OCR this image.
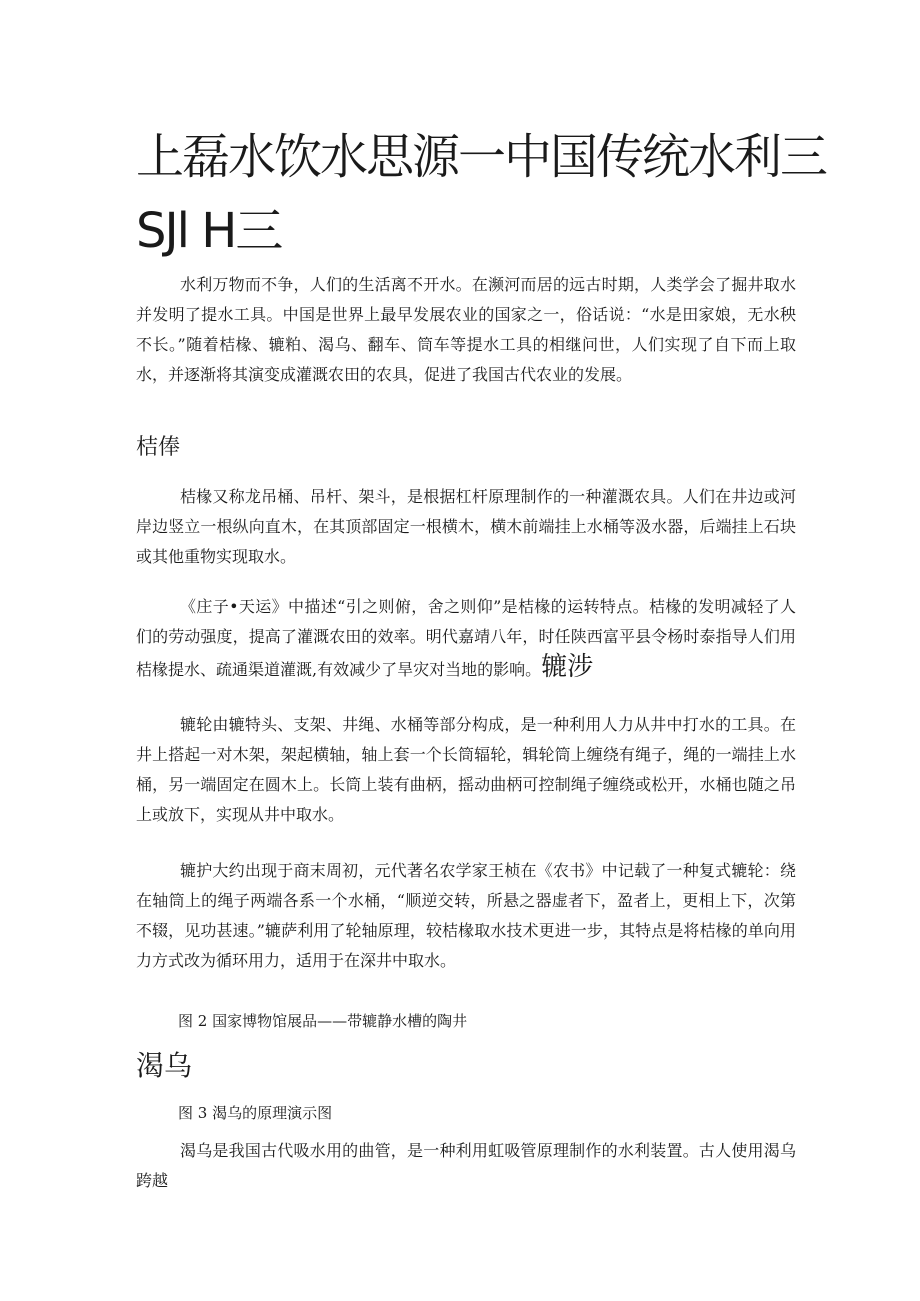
上磊水饮水思源一中国传统水利三 SJl H三

水利万物而不争，人们的生活离不开水。在濒河而居的远古时期，人类学会了掘井取水并发明了提水工具。中国是世界上最早发展农业的国家之一，俗话说：“水是田家娘，无水秧不长。”随着桔椽、辘粕、渴乌、翻车、筒车等提水工具的相继问世，人们实现了自下而上取水，并逐渐将其演变成灌溉农田的农具，促进了我国古代农业的发展。

桔俸

桔椽又称龙吊桶、吊杆、架斗，是根据杠杆原理制作的一种灌溉农具。人们在井边或河岸边竖立一根纵向直木，在其顶部固定一根横木，横木前端挂上水桶等汲水器，后端挂上石块或其他重物实现取水。

《庄子•天运》中描述“引之则俯，舍之则仰”是桔椽的运转特点。桔椽的发明减轻了人们的劳动强度，提高了灌溉农田的效率。明代嘉靖八年，时任陕西富平县令杨时泰指导人们用桔椽提水、疏通渠道灌溉,有效减少了旱灾对当地的影响。辘涉

辘轮由辘特头、支架、井绳、水桶等部分构成，是一种利用人力从井中打水的工具。在井上搭起一对木架，架起横轴，轴上套一个长筒辐轮，辑轮筒上缠绕有绳子，绳的一端挂上水桶，另一端固定在圆木上。长筒上装有曲柄，摇动曲柄可控制绳子缠绕或松开，水桶也随之吊上或放下，实现从井中取水。

辘护大约出现于商末周初，元代著名农学家王桢在《农书》中记载了一种复式辘轮：绕在轴筒上的绳子两端各系一个水桶，“顺逆交转，所悬之器虚者下，盈者上，更相上下，次第不辍，见功甚速。”辘萨利用了轮轴原理，较桔椽取水技术更进一步，其特点是将桔椽的单向用力方式改为循环用力，适用于在深井中取水。

图 2 国家博物馆展品——带辘静水槽的陶井

渴乌

图 3 渴乌的原理演示图

渴乌是我国古代吸水用的曲管，是一种利用虹吸管原理制作的水利装置。古人使用渴乌跨越
